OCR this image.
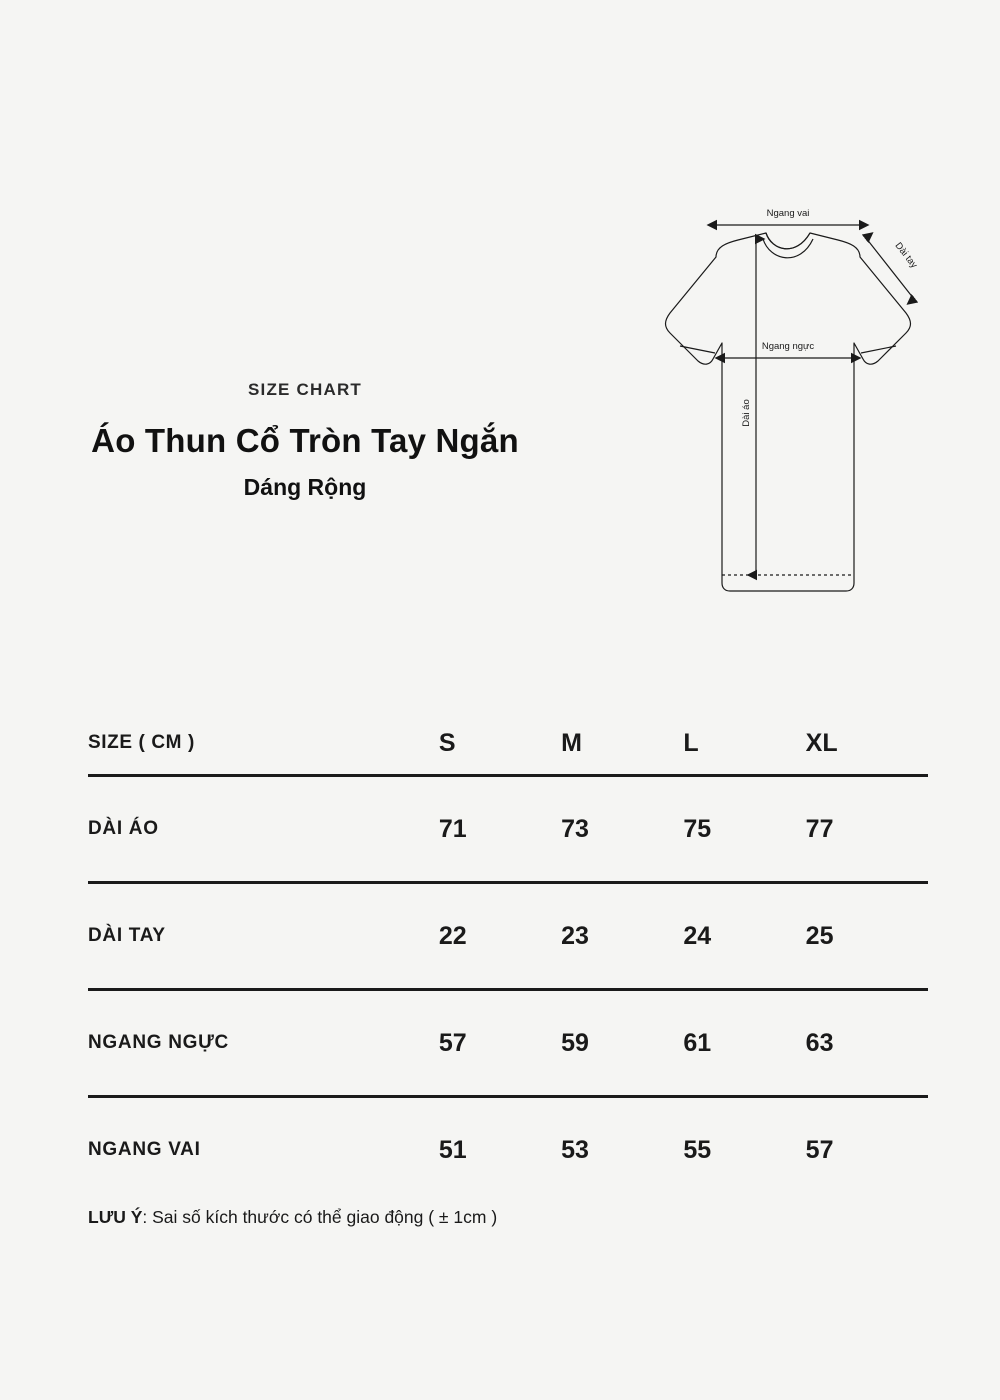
SIZE CHART
Áo Thun Cổ Tròn Tay Ngắn
Dáng Rộng
Ngang vai
Ngang ngực
Dài áo
Dài tay
SIZE ( CM )	S	M	L	XL
DÀI ÁO	71	73	75	77
DÀI TAY	22	23	24	25
NGANG NGỰC	57	59	61	63
NGANG VAI	51	53	55	57
LƯU Ý: Sai số kích thước có thể giao động ( ± 1cm )
